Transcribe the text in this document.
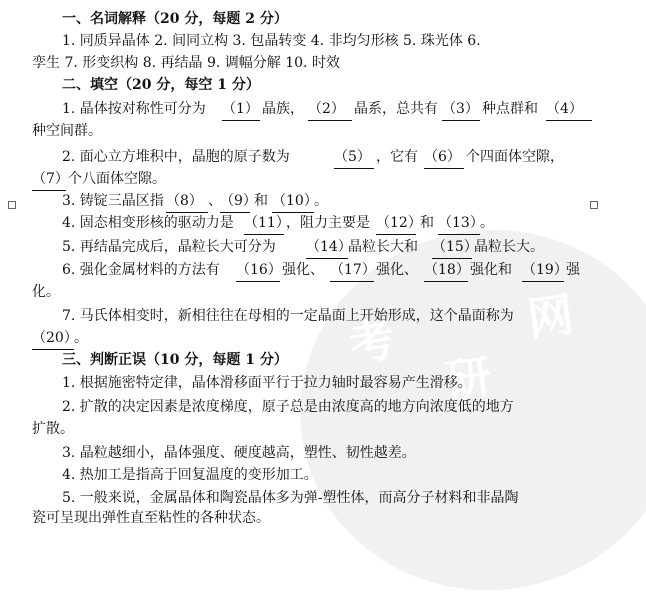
考
研
网
一、名词解释（20 分，每题 2 分）
1. 同质异晶体 2. 间同立构 3. 包晶转变 4. 非均匀形核 5. 珠光体 6.
孪生 7. 形变织构 8. 再结晶 9. 调幅分解 10. 时效
二、填空（20 分，每空 1 分）
1. 晶体按对称性可分为 （1） 晶族， （2） 晶系，总共有 （3） 种点群和 （4）
种空间群。
2. 面心立方堆积中，晶胞的原子数为	（5） ，它有 （6） 个四面体空隙，
（7） 个八面体空隙。
3. 铸锭三晶区指 （8） 、
（9）
和 （10）
。
4. 固态相变形核的驱动力是 （11）
，阻力主要是 （12）
和 （13）
。
5. 再结晶完成后，晶粒长大可分为 （14）
晶粒长大和 （15）
晶粒长大。
6. 强化金属材料的方法有 （16） 强化、 （17） 强化、 （18） 强化和 （19）
强
化。
7. 马氏体相变时，新相往往在母相的一定晶面上开始形成，这个晶面称为
（20）
。
三、判断正误（10 分，每题 1 分）
1. 根据施密特定律，晶体滑移面平行于拉力轴时最容易产生滑移。
2. 扩散的决定因素是浓度梯度，原子总是由浓度高的地方向浓度低的地方
扩散。
3. 晶粒越细小，晶体强度、硬度越高，塑性、韧性越差。
4. 热加工是指高于回复温度的变形加工。
5. 一般来说，金属晶体和陶瓷晶体多为弹-塑性体，而高分子材料和非晶陶
瓷可呈现出弹性直至粘性的各种状态。
